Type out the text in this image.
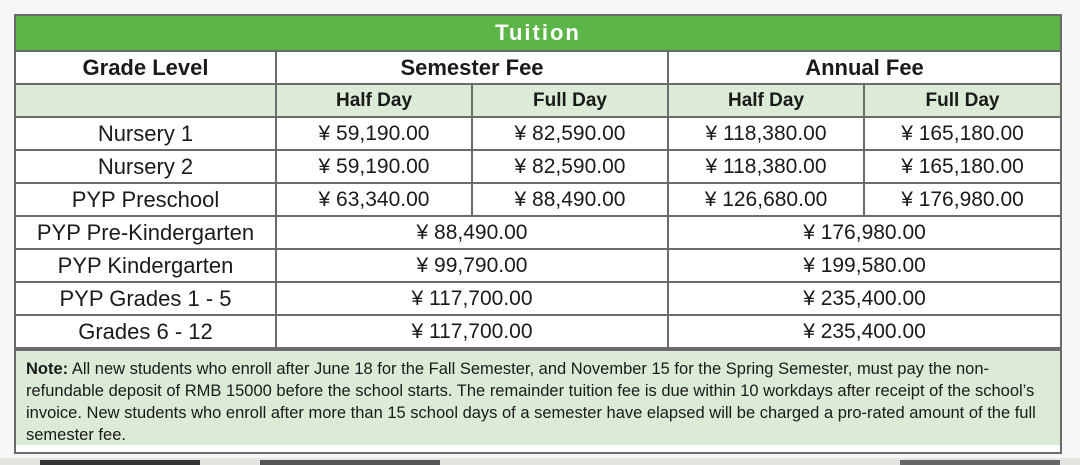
Tuition
Grade Level	Semester Fee		Annual Fee	
	Half Day	Full Day	Half Day	Full Day
Nursery 1	¥ 59,190.00	¥ 82,590.00	¥ 118,380.00	¥ 165,180.00
Nursery 2	¥ 59,190.00	¥ 82,590.00	¥ 118,380.00	¥ 165,180.00
PYP Preschool	¥ 63,340.00	¥ 88,490.00	¥ 126,680.00	¥ 176,980.00
PYP Pre-Kindergarten	¥ 88,490.00		¥ 176,980.00	
PYP Kindergarten	¥ 99,790.00		¥ 199,580.00	
PYP Grades 1 - 5	¥ 117,700.00		¥ 235,400.00	
Grades 6 - 12	¥ 117,700.00		¥ 235,400.00	
Note: All new students who enroll after June 18 for the Fall Semester, and November 15 for the Spring Semester, must pay the non-refundable deposit of RMB 15000 before the school starts. The remainder tuition fee is due within 10 workdays after receipt of the school’s invoice. New students who enroll after more than 15 school days of a semester have elapsed will be charged a pro-rated amount of the full semester fee.
